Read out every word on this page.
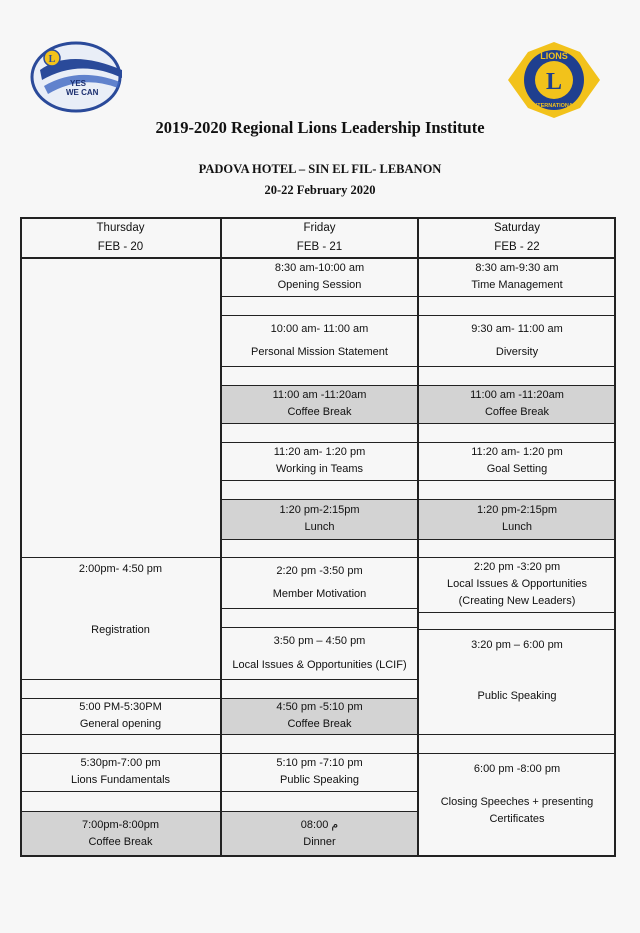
L
YES
WE CAN	L
LIONS
INTERNATIONAL
2019-2020 Regional Lions Leadership Institute
PADOVA HOTEL – SIN EL FIL- LEBANON
20-22 February 2020
11:00 am -11:20am
Coffee Break
11:00 am -11:20am
Coffee Break
1:20 pm-2:15pm
Lunch
1:20 pm-2:15pm
Lunch
4:50 pm -5:10 pm
Coffee Break
7:00pm-8:00pm
Coffee Break
08:00 م
Dinner
Thursday
FEB - 20
Friday
FEB - 21
Saturday
FEB - 22
8:30 am-10:00 am
Opening Session
10:00 am- 11:00 am
Personal Mission Statement
11:20 am- 1:20 pm
Working in Teams
2:20 pm -3:50 pm
Member Motivation
3:50 pm – 4:50 pm
Local Issues & Opportunities (LCIF)
5:10 pm -7:10 pm
Public Speaking
8:30 am-9:30 am
Time Management
9:30 am- 11:00 am
Diversity
11:20 am- 1:20 pm
Goal Setting
2:20 pm -3:20 pm
Local Issues & Opportunities
(Creating New Leaders)
3:20 pm – 6:00 pm
Public Speaking
6:00 pm -8:00 pm
Closing Speeches + presenting
Certificates
2:00pm- 4:50 pm
Registration
5:00 PM-5:30PM
General opening
5:30pm-7:00 pm
Lions Fundamentals
